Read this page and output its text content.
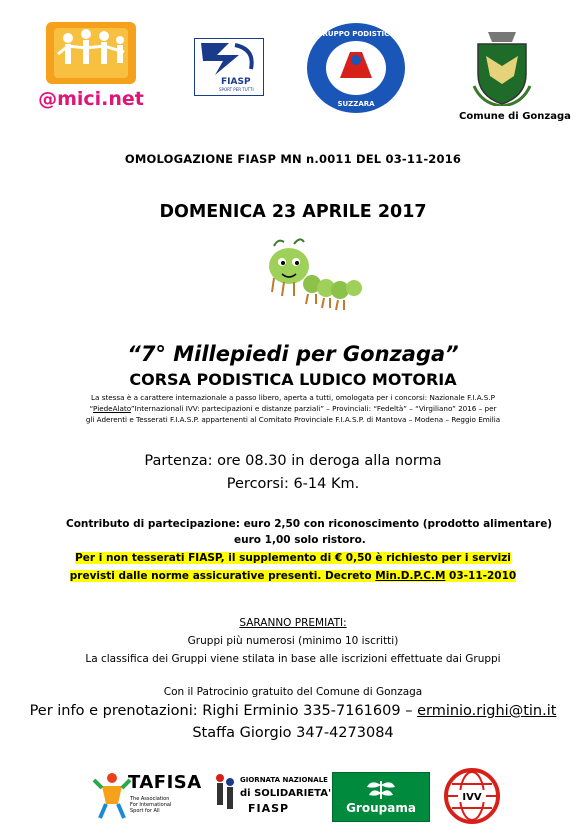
@mici.net
FIASP
SPORT PER TUTTI
GRUPPO PODISTICO
SUZZARA
Comune di Gonzaga
OMOLOGAZIONE FIASP MN n.0011 DEL 03-11-2016
DOMENICA 23 APRILE 2017
“7° Millepiedi per Gonzaga”
CORSA PODISTICA LUDICO MOTORIA
La stessa è a carattere internazionale a passo libero, aperta a tutti, omologata per i concorsi: Nazionale F.I.A.S.P
“PiedeAlato”Internazionali IVV: partecipazioni e distanze parziali” – Provinciali: “Fedeltà” – “Virgiliano” 2016 – per
gli Aderenti e Tesserati F.I.A.S.P. appartenenti al Comitato Provinciale F.I.A.S.P. di Mantova – Modena – Reggio Emilia
Partenza: ore 08.30 in deroga alla norma
Percorsi: 6-14 Km.
Contributo di partecipazione: euro 2,50 con riconoscimento (prodotto alimentare)
euro 1,00 solo ristoro.
Per i non tesserati FIASP, il supplemento di € 0,50 è richiesto per i servizi
previsti dalle norme assicurative presenti. Decreto Min.D.P.C.M 03-11-2010
SARANNO PREMIATI:
Gruppi più numerosi (minimo 10 iscritti)
La classifica dei Gruppi viene stilata in base alle iscrizioni effettuate dai Gruppi
Con il Patrocinio gratuito del Comune di Gonzaga
Per info e prenotazioni: Righi Erminio 335-7161609 – erminio.righi@tin.it
Staffa Giorgio 347-4273084
TAFISA
The Association
For International
Sport for All
GIORNATA NAZIONALE
di SOLIDARIETA'
FIASP	Groupama
IVV
